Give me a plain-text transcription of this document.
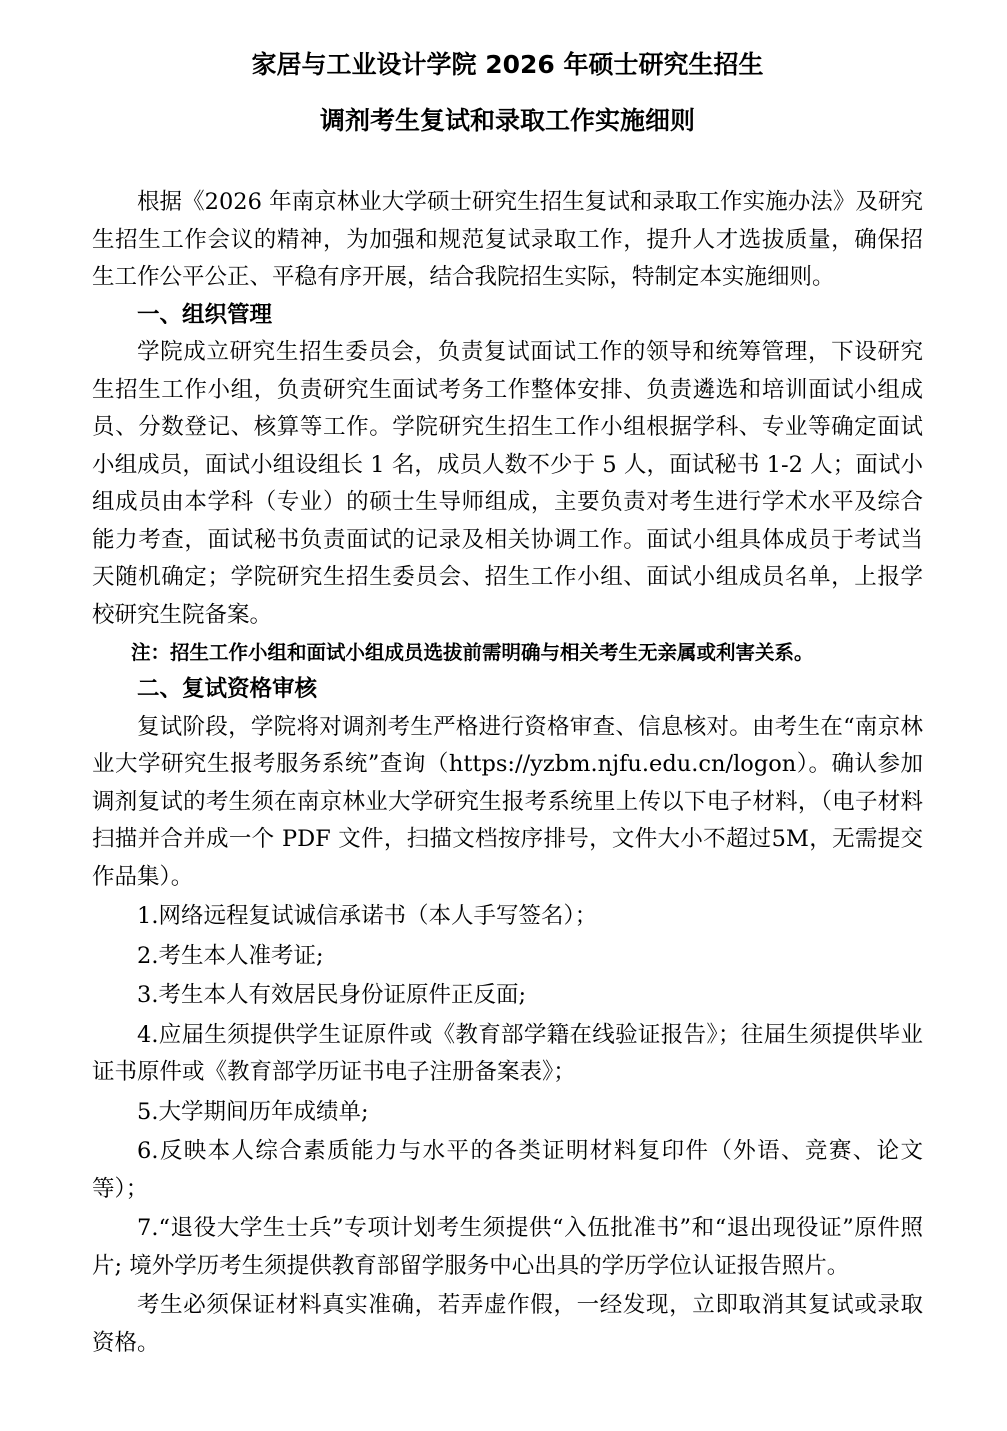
家居与工业设计学院 2026 年硕士研究生招生
调剂考生复试和录取工作实施细则

根据《2026 年南京林业大学硕士研究生招生复试和录取工作实施办法》及研究生招生工作会议的精神，为加强和规范复试录取工作，提升人才选拔质量，确保招生工作公平公正、平稳有序开展，结合我院招生实际，特制定本实施细则。

一、组织管理

学院成立研究生招生委员会，负责复试面试工作的领导和统筹管理，下设研究生招生工作小组，负责研究生面试考务工作整体安排、负责遴选和培训面试小组成员、分数登记、核算等工作。学院研究生招生工作小组根据学科、专业等确定面试小组成员，面试小组设组长 1 名，成员人数不少于 5 人，面试秘书 1-2 人；面试小组成员由本学科（专业）的硕士生导师组成，主要负责对考生进行学术水平及综合能力考查，面试秘书负责面试的记录及相关协调工作。面试小组具体成员于考试当天随机确定；学院研究生招生委员会、招生工作小组、面试小组成员名单，上报学校研究生院备案。

注：招生工作小组和面试小组成员选拔前需明确与相关考生无亲属或利害关系。

二、复试资格审核

复试阶段，学院将对调剂考生严格进行资格审查、信息核对。由考生在“南京林业大学研究生报考服务系统”查询（https://yzbm.njfu.edu.cn/logon）。确认参加调剂复试的考生须在南京林业大学研究生报考系统里上传以下电子材料，（电子材料扫描并合并成一个 PDF 文件，扫描文档按序排号，文件大小不超过5M，无需提交作品集）。

1.网络远程复试诚信承诺书（本人手写签名）；

2.考生本人准考证;

3.考生本人有效居民身份证原件正反面;

4.应届生须提供学生证原件或《教育部学籍在线验证报告》；往届生须提供毕业证书原件或《教育部学历证书电子注册备案表》；

5.大学期间历年成绩单;

6.反映本人综合素质能力与水平的各类证明材料复印件（外语、竞赛、论文等）；

7.“退役大学生士兵”专项计划考生须提供“入伍批准书”和“退出现役证”原件照片; 境外学历考生须提供教育部留学服务中心出具的学历学位认证报告照片。

考生必须保证材料真实准确，若弄虚作假，一经发现，立即取消其复试或录取资格。
